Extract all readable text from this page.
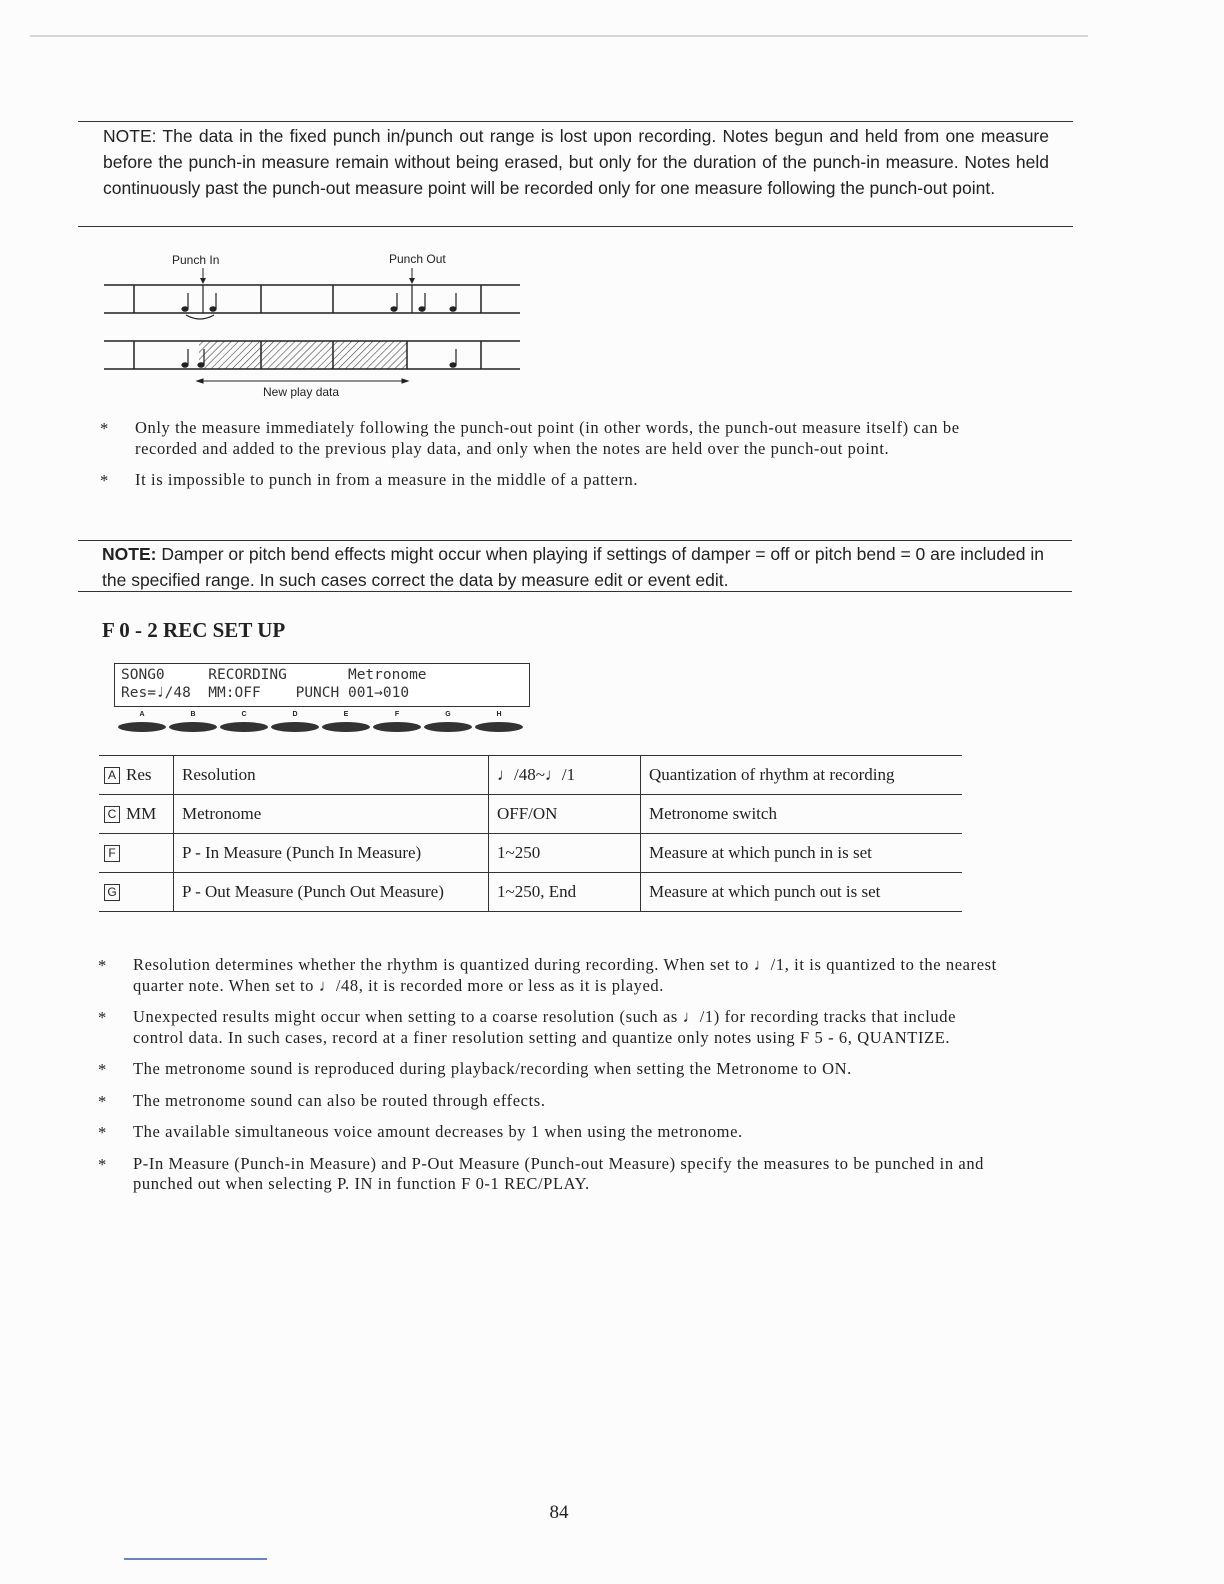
NOTE: The data in the fixed punch in/punch out range is lost upon recording. Notes begun and held from one measure before the punch-in measure remain without being erased, but only for the duration of the punch-in measure. Notes held continuously past the punch-out measure point will be recorded only for one measure following the punch-out point.
Punch In	Punch Out
New play data
* Only the measure immediately following the punch-out point (in other words, the punch-out measure itself) can be recorded and added to the previous play data, and only when the notes are held over the punch-out point.
* It is impossible to punch in from a measure in the middle of a pattern.
NOTE: Damper or pitch bend effects might occur when playing if settings of damper = off or pitch bend = 0 are included in the specified range. In such cases correct the data by measure edit or event edit.
F 0 - 2 REC SET UP
SONG0     RECORDING       Metronome
Res=♩/48  MM:OFF    PUNCH 001→010
A	B	C	D	E	F	G	H
A Res	Resolution	♩/48~♩/1	Quantization of rhythm at recording
C MM	Metronome	OFF/ON	Metronome switch
F	P - In Measure (Punch In Measure)	1~250	Measure at which punch in is set
G	P - Out Measure (Punch Out Measure)	1~250, End	Measure at which punch out is set
* Resolution determines whether the rhythm is quantized during recording. When set to ♩/1, it is quantized to the nearest quarter note. When set to ♩/48, it is recorded more or less as it is played.
* Unexpected results might occur when setting to a coarse resolution (such as ♩/1) for recording tracks that include control data. In such cases, record at a finer resolution setting and quantize only notes using F 5 - 6, QUANTIZE.
* The metronome sound is reproduced during playback/recording when setting the Metronome to ON.
* The metronome sound can also be routed through effects.
* The available simultaneous voice amount decreases by 1 when using the metronome.
* P-In Measure (Punch-in Measure) and P-Out Measure (Punch-out Measure) specify the measures to be punched in and punched out when selecting P. IN in function F 0-1 REC/PLAY.
84
